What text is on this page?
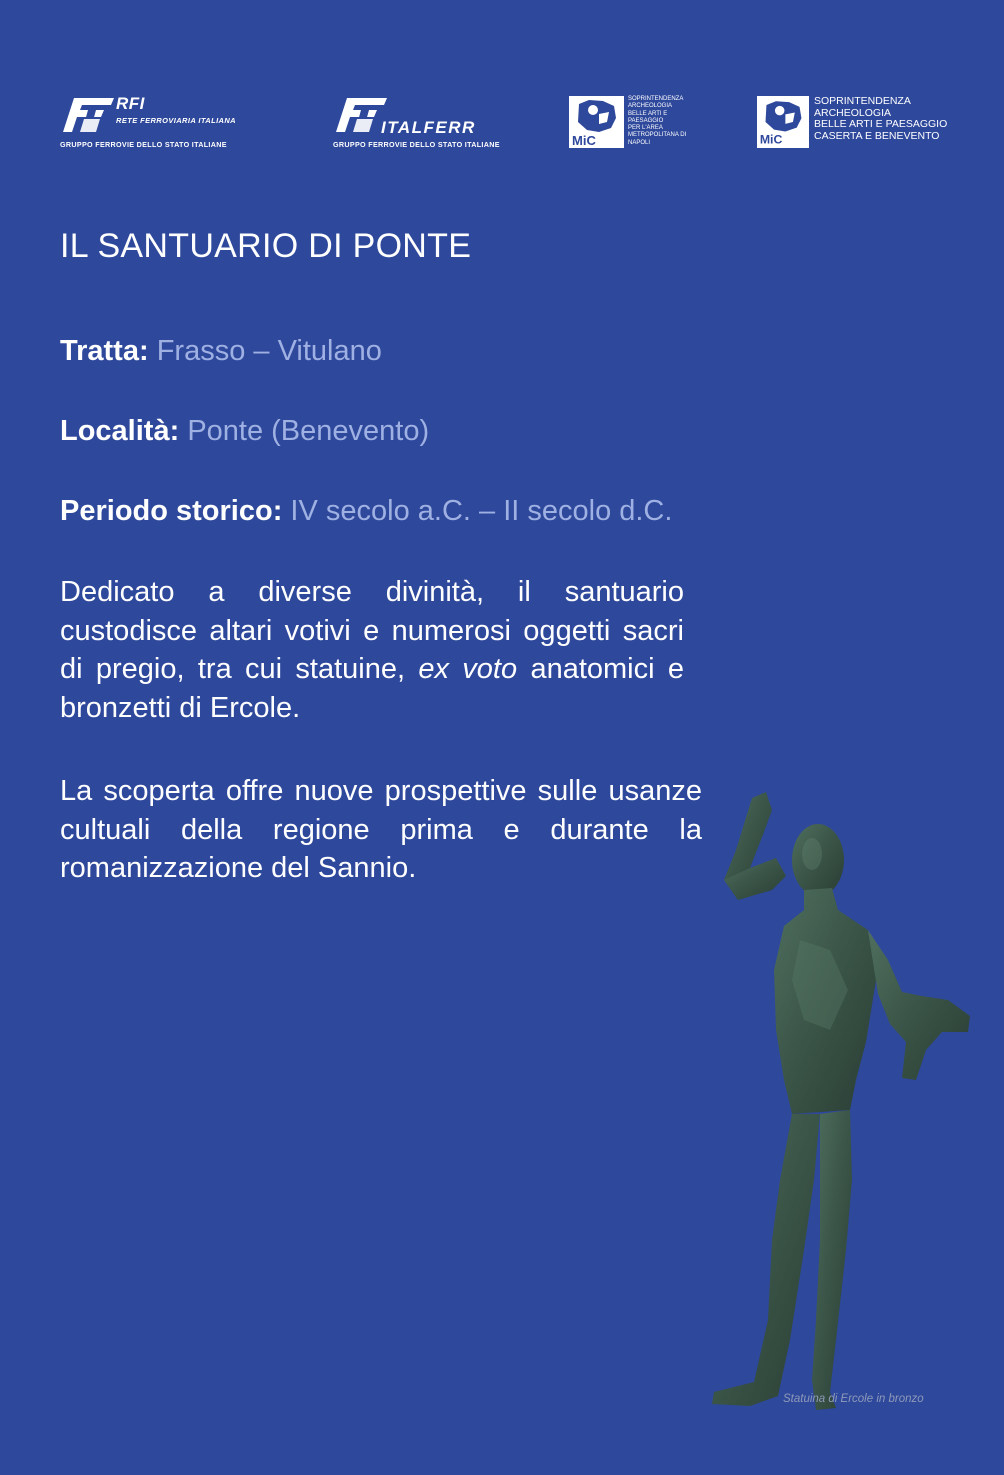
RFI
RETE FERROVIARIA ITALIANA
GRUPPO FERROVIE DELLO STATO ITALIANE
ITALFERR
GRUPPO FERROVIE DELLO STATO ITALIANE	MiC
SOPRINTENDENZA
ARCHEOLOGIA
BELLE ARTI E
PAESAGGIO
PER L'AREA
METROPOLITANA DI
NAPOLI	MiC
SOPRINTENDENZA
ARCHEOLOGIA
BELLE ARTI E PAESAGGIO
CASERTA E BENEVENTO
IL SANTUARIO DI PONTE
Tratta: Frasso – Vitulano
Località: Ponte (Benevento)
Periodo storico: IV secolo a.C. – II secolo d.C.

Dedicato a diverse divinità, il santuario custodisce altari votivi e numerosi oggetti sacri di pregio, tra cui statuine, ex voto anatomici e bronzetti di Ercole.

La scoperta offre nuove prospettive sulle usanze cultuali della regione prima e durante la romanizzazione del Sannio.

Statuina di Ercole in bronzo
